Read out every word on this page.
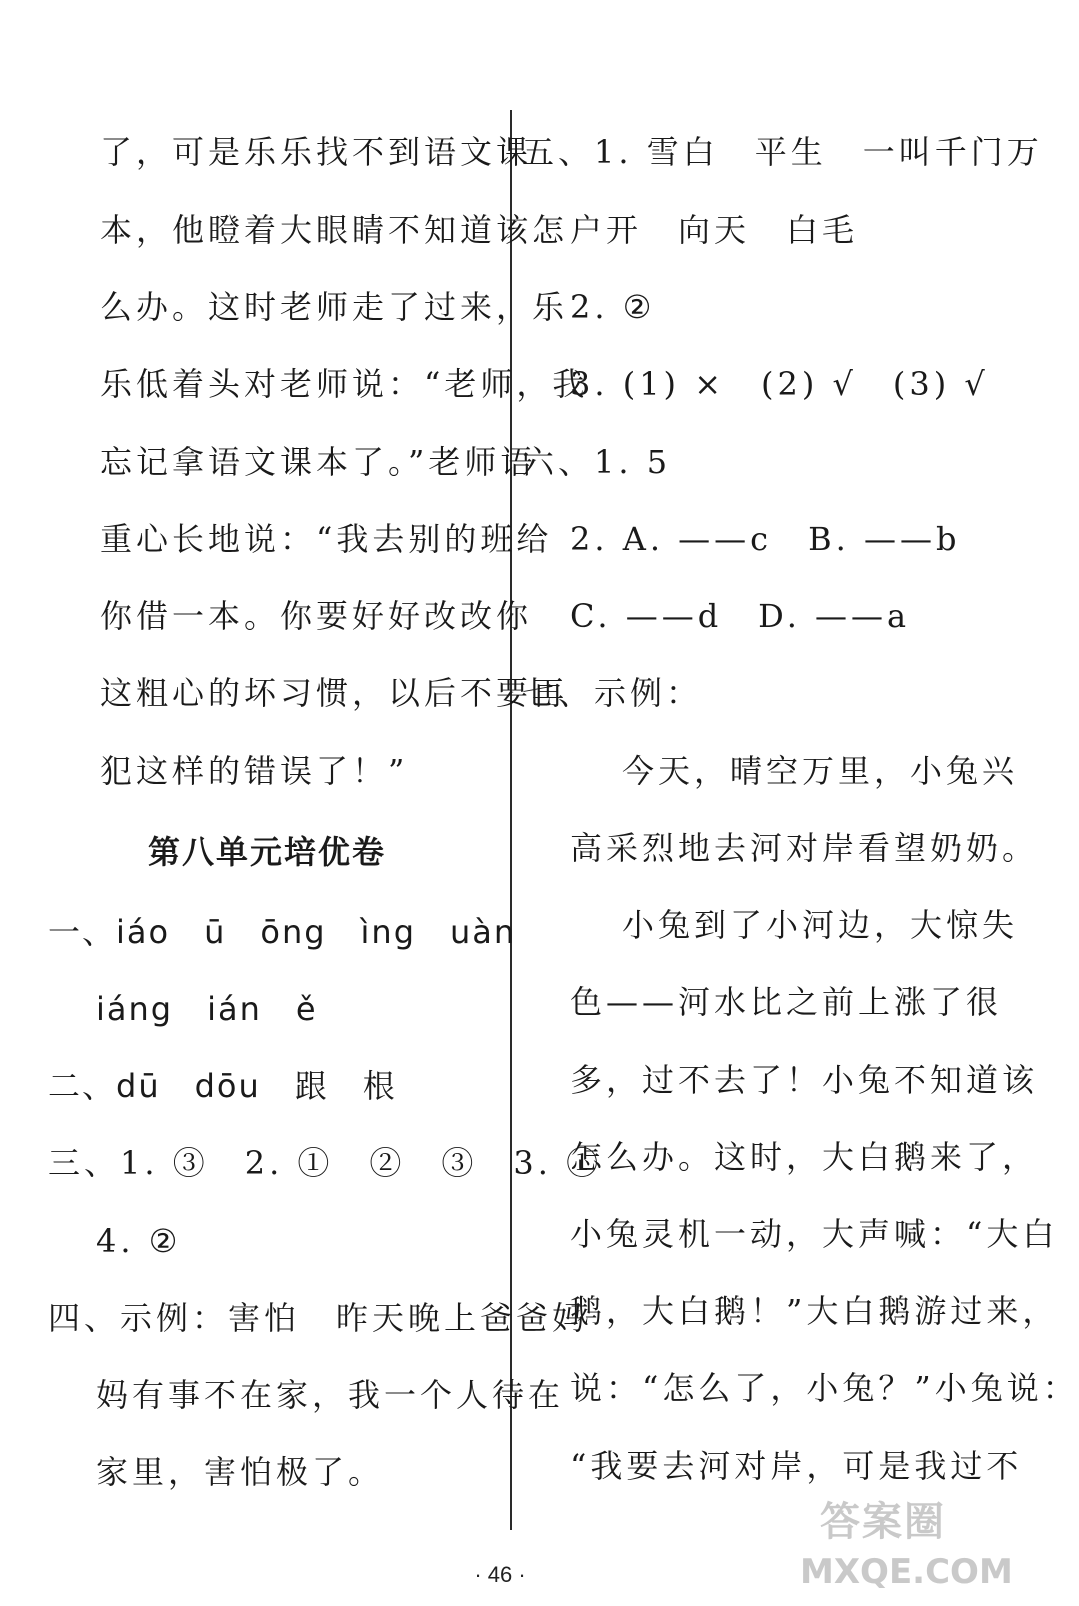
了，可是乐乐找不到语文课
本，他瞪着大眼睛不知道该怎
么办。这时老师走了过来，乐
乐低着头对老师说：“老师，我
忘记拿语文课本了。”老师语
重心长地说：“我去别的班给
你借一本。你要好好改改你
这粗心的坏习惯，以后不要再
犯这样的错误了！”
第八单元培优卷
一、iáo　ū　ōng　ìng　uàn
iáng　ián　ě
二、dū　dōu　跟　根
三、1. ③　2. ①　②　③　3. ①
4. ②
四、示例：害怕　昨天晚上爸爸妈
妈有事不在家，我一个人待在
家里，害怕极了。
五、1. 雪白　平生　一叫千门万
户开　向天　白毛
2. ②
3. (1) ×　(2) √　(3) √
六、1. 5
2. A. ——c　B. ——b
C. ——d　D. ——a
七、示例：
今天，晴空万里，小兔兴
高采烈地去河对岸看望奶奶。
小兔到了小河边，大惊失
色——河水比之前上涨了很
多，过不去了！小兔不知道该
怎么办。这时，大白鹅来了，
小兔灵机一动，大声喊：“大白
鹅，大白鹅！”大白鹅游过来，
说：“怎么了，小兔？”小兔说：
“我要去河对岸，可是我过不
· 46 ·
答案圈
MXQE.COM
